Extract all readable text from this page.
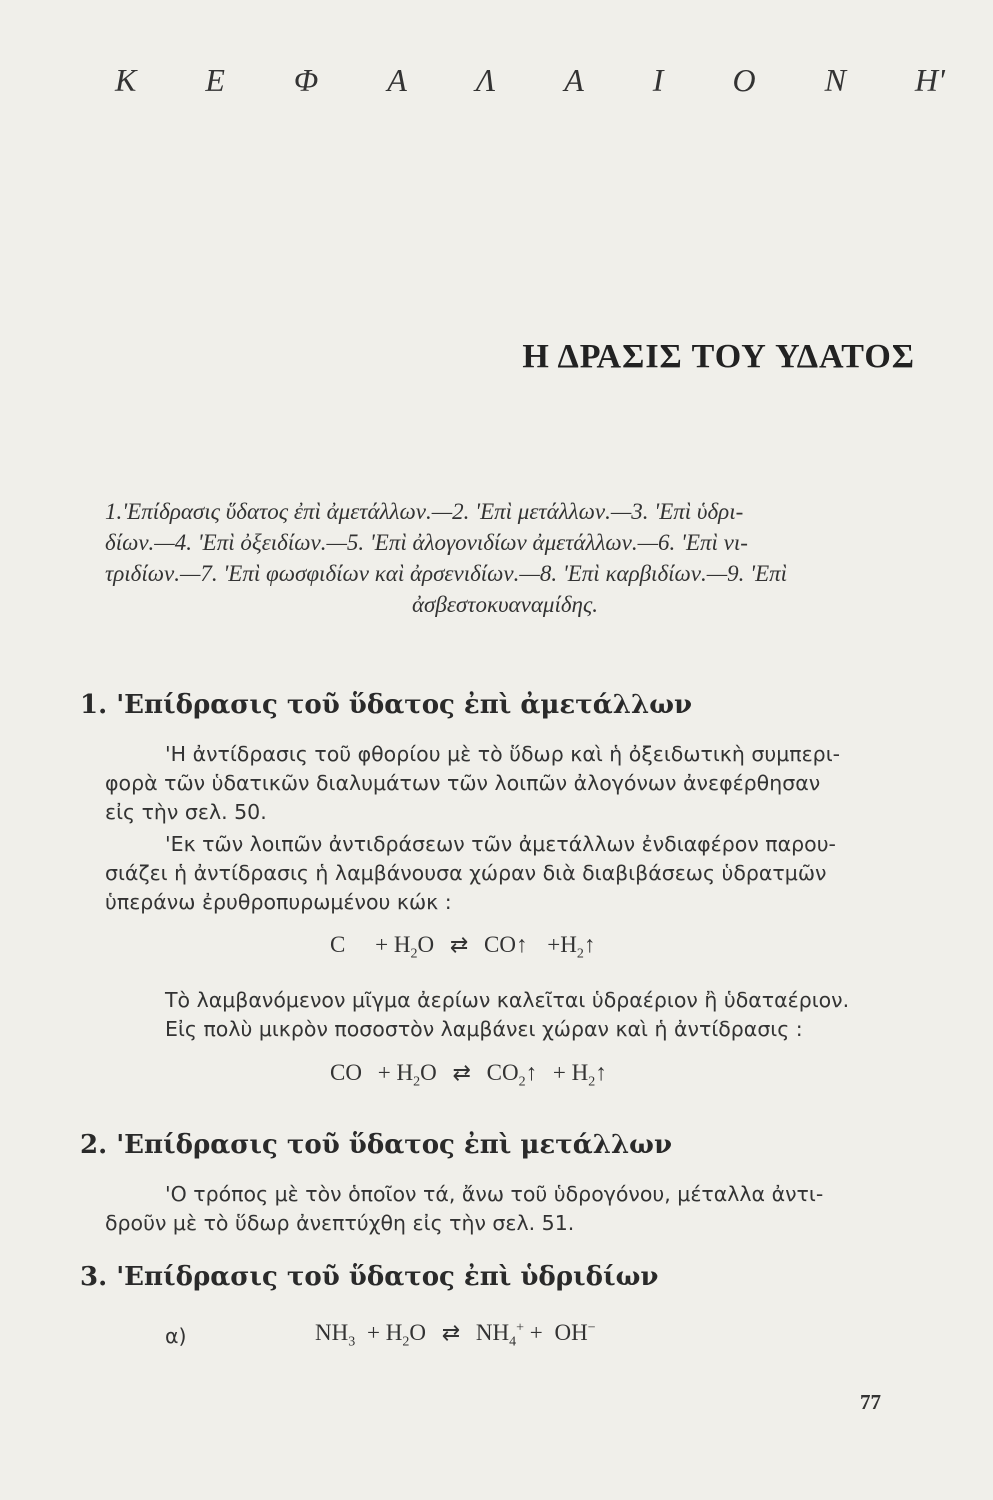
Κ Ε Φ Α Λ Α Ι Ο Ν Η'
Η ΔΡΑΣΙΣ ΤΟΥ ΥΔΑΤΟΣ
1.'Επίδρασις ὕδατος ἐπὶ ἀμετάλλων.—2. 'Επὶ μετάλλων.—3. 'Επὶ ὑδρι-
δίων.—4. 'Επὶ ὀξειδίων.—5. 'Επὶ ἀλογονιδίων ἀμετάλλων.—6. 'Επὶ νι-
τριδίων.—7. 'Επὶ φωσφιδίων καὶ ἀρσενιδίων.—8. 'Επὶ καρβιδίων.—9. 'Επὶ
ἀσβεστοκυαναμίδης.
1. 'Επίδρασις τοῦ ὕδατος ἐπὶ ἀμετάλλων
'Η ἀντίδρασις τοῦ φθορίου μὲ τὸ ὕδωρ καὶ ἡ ὀξειδωτικὴ συμπερι-
φορὰ τῶν ὑδατικῶν διαλυμάτων τῶν λοιπῶν ἀλογόνων ἀνεφέρθησαν
εἰς τὴν σελ. 50.
'Εκ τῶν λοιπῶν ἀντιδράσεων τῶν ἀμετάλλων ἐνδιαφέρον παρου-
σιάζει ἡ ἀντίδρασις ἡ λαμβάνουσα χώραν διὰ διαβιβάσεως ὑδρατμῶν
ὑπεράνω ἐρυθροπυρωμένου κώκ :
$C + H_2O$ ⇄ CO↑ $+H_2↑$
Τὸ λαμβανόμενον μῖγμα ἀερίων καλεῖται ὑδραέριον ἢ ὑδαταέριον.
Εἰς πολὺ μικρὸν ποσοστὸν λαμβάνει χώραν καὶ ἡ ἀντίδρασις :
CO + $H_2O$ ⇄ $CO_2↑$ + $H_2↑$
2. 'Επίδρασις τοῦ ὕδατος ἐπὶ μετάλλων
'Ο τρόπος μὲ τὸν ὁποῖον τά, ἄνω τοῦ ὑδρογόνου, μέταλλα ἀντι-
δροῦν μὲ τὸ ὕδωρ ἀνεπτύχθη εἰς τὴν σελ. 51.
3. 'Επίδρασις τοῦ ὕδατος ἐπὶ ὑδριδίων
α)	$NH_3 + H_2O$ ⇄ $NH_4^+ + OH^-$
77
